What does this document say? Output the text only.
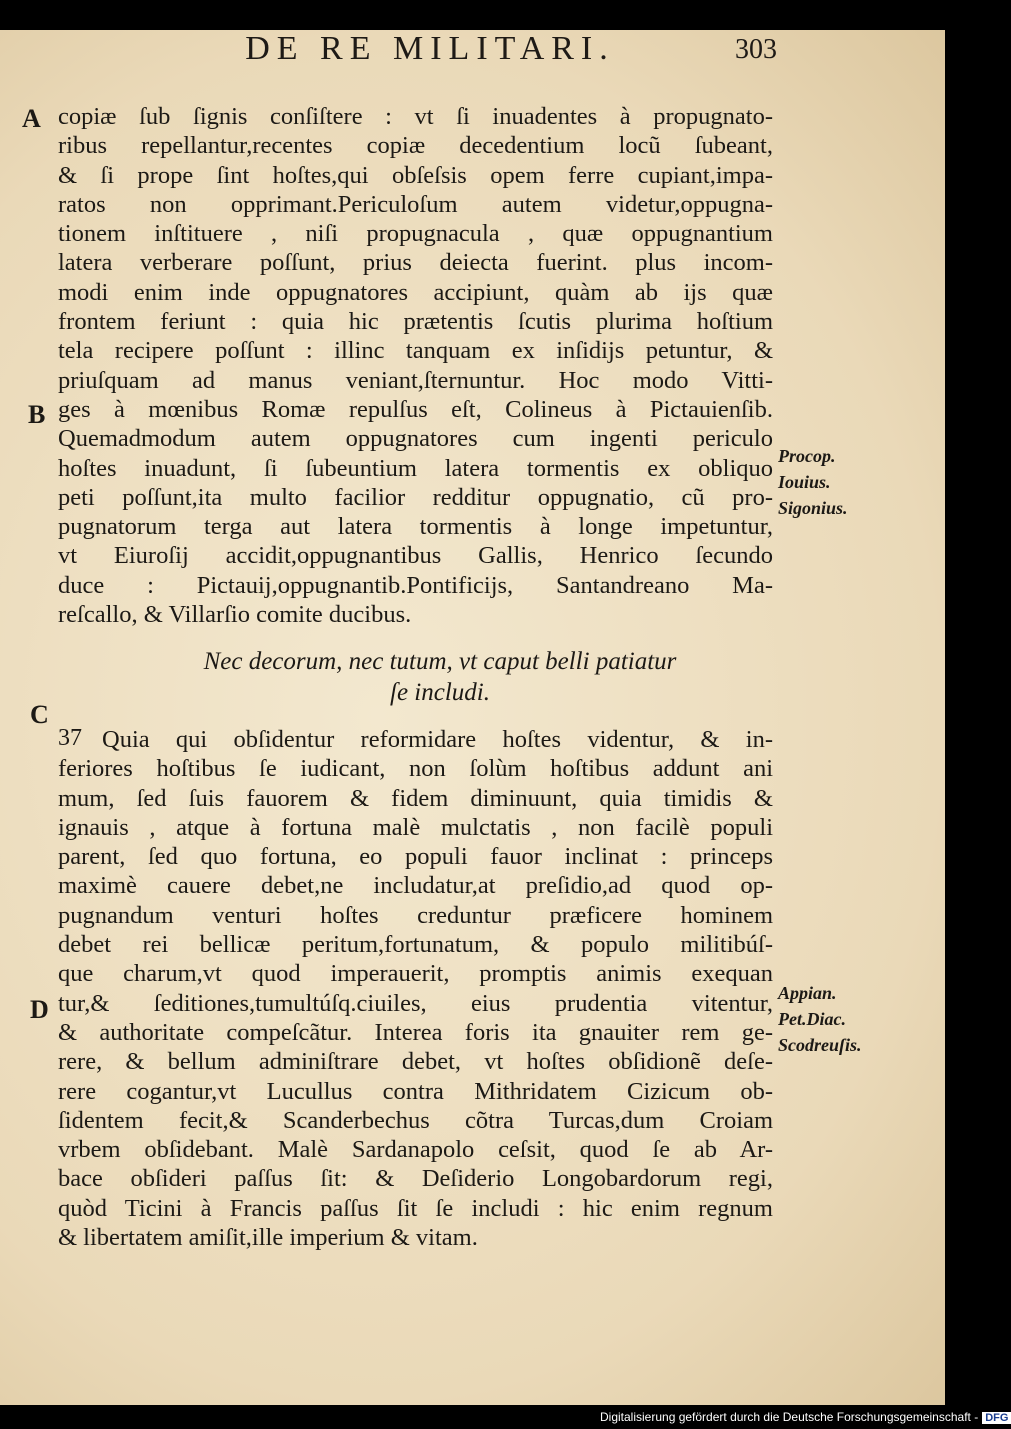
DE RE MILITARI.	303
A
B
C
D
copiæ ſub ſignis conſiſtere : vt ſi inuadentes à propugnato-
ribus repellantur,recentes copiæ decedentium locũ ſubeant,
& ſi prope ſint hoſtes,qui obſeſsis opem ferre cupiant,impa-
ratos non opprimant.Periculoſum autem videtur,oppugna-
tionem inſtituere , niſi propugnacula , quæ oppugnantium
latera verberare poſſunt, prius deiecta fuerint. plus incom-
modi enim inde oppugnatores accipiunt, quàm ab ijs quæ
frontem feriunt : quia hic prætentis ſcutis plurima hoſtium
tela recipere poſſunt : illinc tanquam ex inſidijs petuntur, &
priuſquam ad manus veniant,ſternuntur. Hoc modo Vitti-
ges à mœnibus Romæ repulſus eſt, Colineus à Pictauienſib.
Quemadmodum autem oppugnatores cum ingenti periculo
hoſtes inuadunt, ſi ſubeuntium latera tormentis ex obliquo
peti poſſunt,ita multo facilior redditur oppugnatio, cũ pro-
pugnatorum terga aut latera tormentis à longe impetuntur,
vt Eiuroſij accidit,oppugnantibus Gallis, Henrico ſecundo
duce : Pictauij,oppugnantib.Pontificijs, Santandreano Ma-
reſcallo, & Villarſio comite ducibus.
Nec decorum, nec tutum, vt caput belli patiatur
ſe includi.
37 Quia qui obſidentur reformidare hoſtes videntur, & in-
feriores hoſtibus ſe iudicant, non ſolùm hoſtibus addunt ani
mum, ſed ſuis fauorem & fidem diminuunt, quia timidis &
ignauis , atque à fortuna malè mulctatis , non facilè populi
parent, ſed quo fortuna, eo populi fauor inclinat : princeps
maximè cauere debet,ne includatur,at preſidio,ad quod op-
pugnandum venturi hoſtes creduntur præficere hominem
debet rei bellicæ peritum,fortunatum, & populo militibúſ-
que charum,vt quod imperauerit, promptis animis exequan
tur,& ſeditiones,tumultúſq.ciuiles, eius prudentia vitentur,
& authoritate compeſcãtur. Interea foris ita gnauiter rem ge-
rere, & bellum adminiſtrare debet, vt hoſtes obſidionẽ deſe-
rere cogantur,vt Lucullus contra Mithridatem Cizicum ob-
ſidentem fecit,& Scanderbechus cõtra Turcas,dum Croiam
vrbem obſidebant. Malè Sardanapolo ceſsit, quod ſe ab Ar-
bace obſideri paſſus ſit: & Deſiderio Longobardorum regi,
quòd Ticini à Francis paſſus ſit ſe includi : hic enim regnum
& libertatem amiſit,ille imperium & vitam.
Procop.
Iouius.
Sigonius.
Appian.
Pet.Diac.
Scodreuſis.
Digitalisierung gefördert durch die Deutsche Forschungsgemeinschaft - DFG
